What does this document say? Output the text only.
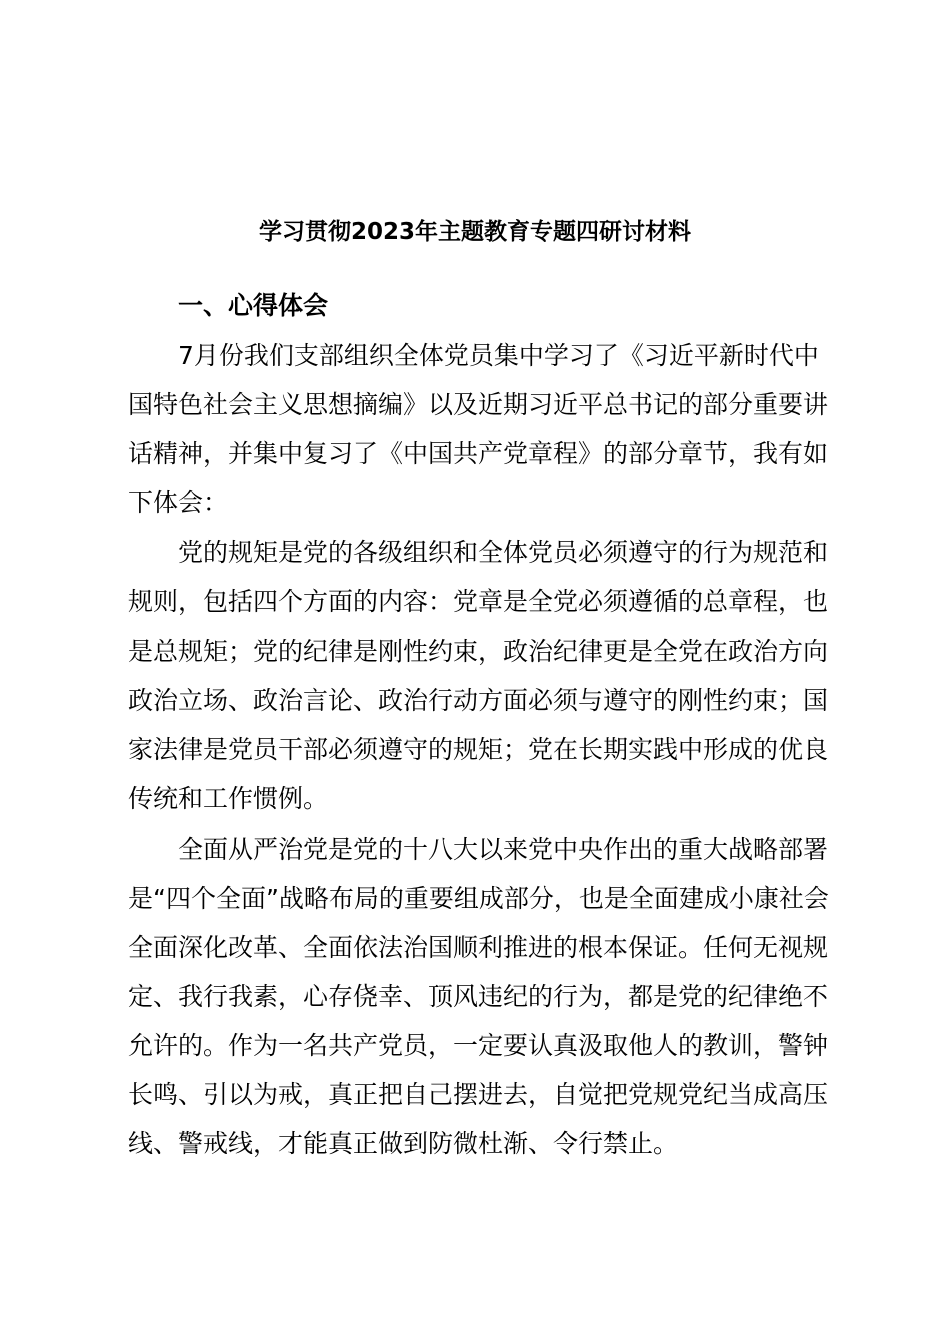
学习贯彻2023年主题教育专题四研讨材料
一、心得体会
7月份我们支部组织全体党员集中学习了《习近平新时代中
国特色社会主义思想摘编》以及近期习近平总书记的部分重要讲
话精神，并集中复习了《中国共产党章程》的部分章节，我有如
下体会：
党的规矩是党的各级组织和全体党员必须遵守的行为规范和
规则，包括四个方面的内容：党章是全党必须遵循的总章程，也
是总规矩；党的纪律是刚性约束，政治纪律更是全党在政治方向
政治立场、政治言论、政治行动方面必须与遵守的刚性约束；国
家法律是党员干部必须遵守的规矩；党在长期实践中形成的优良
传统和工作惯例。
全面从严治党是党的十八大以来党中央作出的重大战略部署
是“四个全面”战略布局的重要组成部分，也是全面建成小康社会
全面深化改革、全面依法治国顺利推进的根本保证。任何无视规
定、我行我素，心存侥幸、顶风违纪的行为，都是党的纪律绝不
允许的。作为一名共产党员，一定要认真汲取他人的教训，警钟
长鸣、引以为戒，真正把自己摆进去，自觉把党规党纪当成高压
线、警戒线，才能真正做到防微杜渐、令行禁止。
